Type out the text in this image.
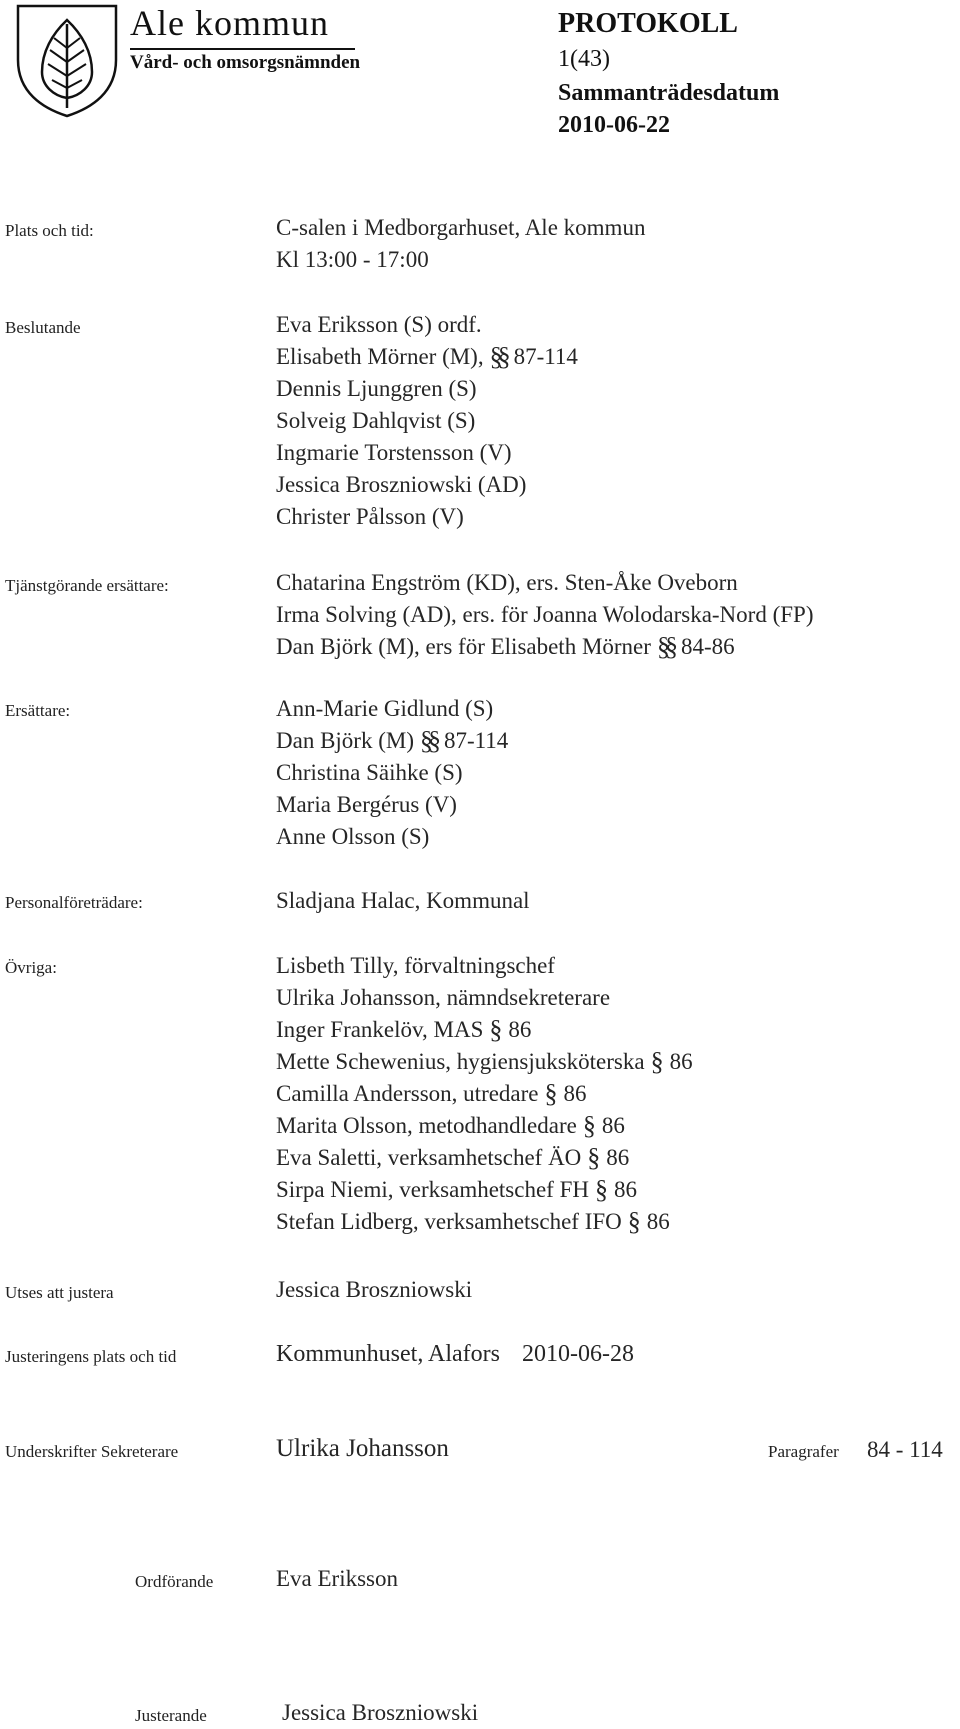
Ale kommun
Vård- och omsorgsnämnden
PROTOKOLL
1(43)
Sammanträdesdatum
2010-06-22
Plats och tid:	C-salen i Medborgarhuset, Ale kommun
Kl 13:00 - 17:00
Beslutande	Eva Eriksson (S) ordf.
Elisabeth Mörner (M), §§ 87-114
Dennis Ljunggren (S)
Solveig Dahlqvist (S)
Ingmarie Torstensson (V)
Jessica Broszniowski (AD)
Christer Pålsson (V)
Tjänstgörande ersättare:	Chatarina Engström (KD), ers. Sten-Åke Oveborn
Irma Solving (AD), ers. för Joanna Wolodarska-Nord (FP)
Dan Björk (M), ers för Elisabeth Mörner §§ 84-86
Ersättare:	Ann-Marie Gidlund (S)
Dan Björk (M) §§ 87-114
Christina Säihke (S)
Maria Bergérus (V)
Anne Olsson (S)
Personalföreträdare:	Sladjana Halac, Kommunal
Övriga:	Lisbeth Tilly, förvaltningschef
Ulrika Johansson, nämndsekreterare
Inger Frankelöv, MAS § 86
Mette Schewenius, hygiensjuksköterska § 86
Camilla Andersson, utredare § 86
Marita Olsson, metodhandledare § 86
Eva Saletti, verksamhetschef ÄO § 86
Sirpa Niemi, verksamhetschef FH § 86
Stefan Lidberg, verksamhetschef IFO § 86
Utses att justera	Jessica Broszniowski
Justeringens plats och tid	Kommunhuset, Alafors 2010-06-28
Underskrifter Sekreterare	Ulrika Johansson	Paragrafer 84 - 114
Ordförande	Eva Eriksson
Justerande	Jessica Broszniowski
